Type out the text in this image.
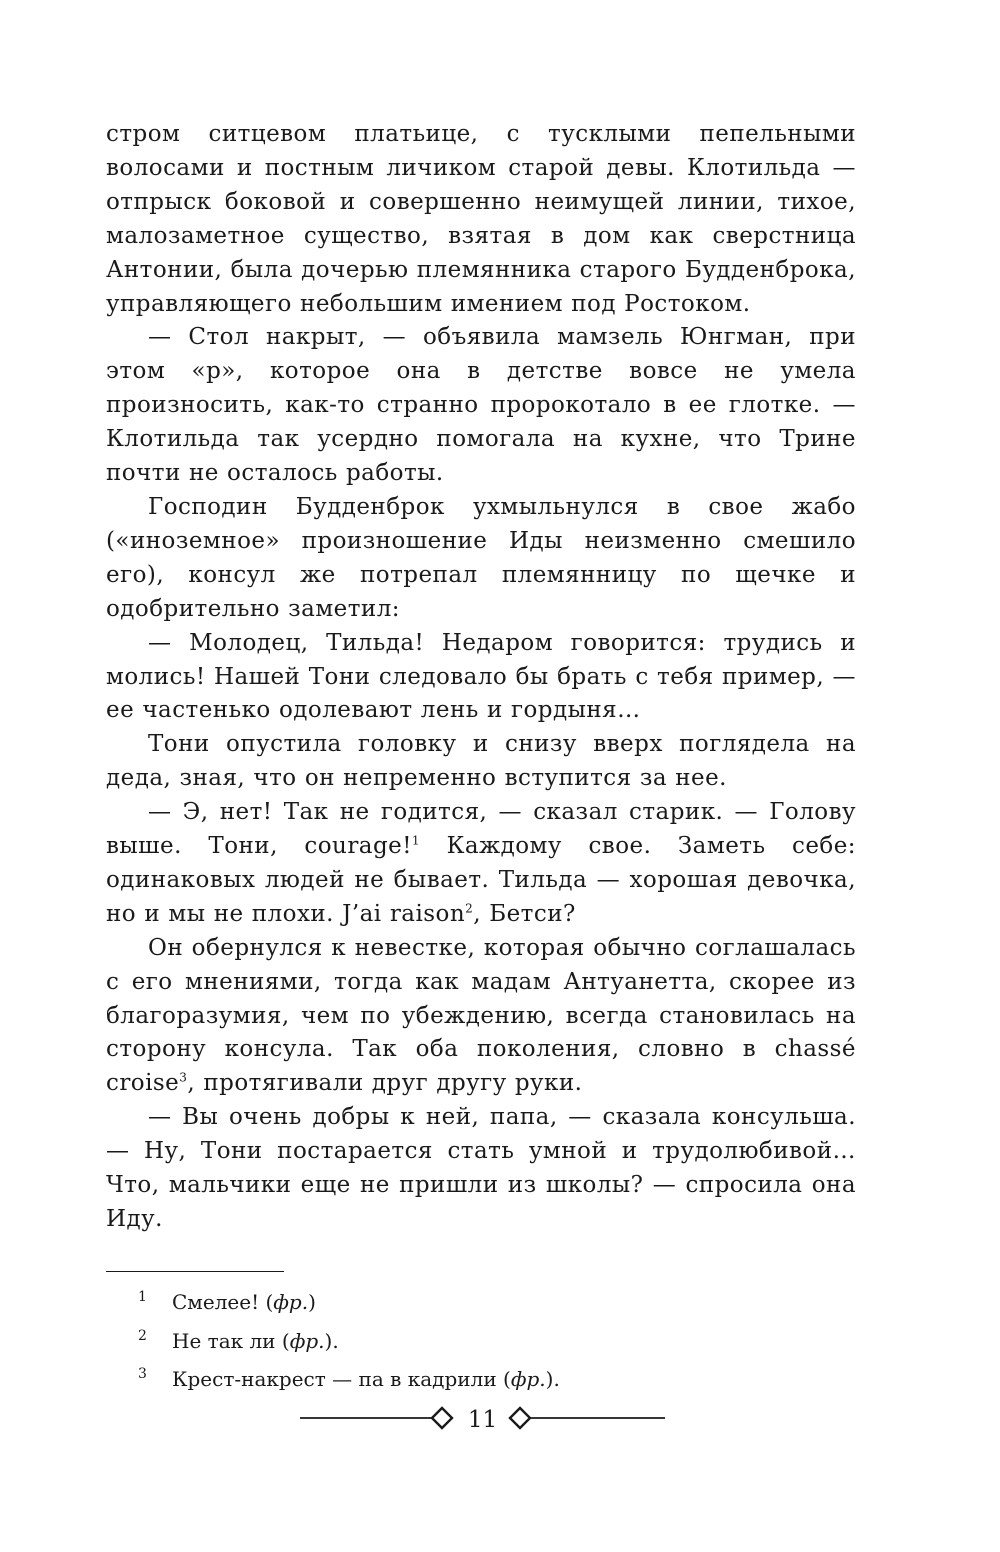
стром ситцевом платьице, с тусклыми пепельными волосами и постным личиком старой девы. Клотильда — отпрыск боковой и совершенно неимущей линии, тихое, малозаметное существо, взятая в дом как сверстница Антонии, была дочерью племянника старого Будденброка, управляющего небольшим имением под Ростоком.

— Стол накрыт, — объявила мамзель Юнгман, при этом «р», которое она в детстве вовсе не умела произносить, как-то странно пророкотало в ее глотке. — Клотильда так усердно помогала на кухне, что Трине почти не осталось работы.

Господин Будденброк ухмыльнулся в свое жабо («иноземное» произношение Иды неизменно смешило его), консул же потрепал племянницу по щечке и одобрительно заметил:

— Молодец, Тильда! Недаром говорится: трудись и молись! Нашей Тони следовало бы брать с тебя пример, — ее частенько одолевают лень и гордыня…

Тони опустила головку и снизу вверх поглядела на деда, зная, что он непременно вступится за нее.

— Э, нет! Так не годится, — сказал старик. — Голову выше. Тони, courage!$^1$ Каждому свое. Заметь себе: одинаковых людей не бывает. Тильда — хорошая девочка, но и мы не плохи. J’ai raison$^2$, Бетси?

Он обернулся к невестке, которая обычно соглашалась с его мнениями, тогда как мадам Антуанетта, скорее из благоразумия, чем по убеждению, всегда становилась на сторону консула. Так оба поколения, словно в chassé croise$^3$, протягивали друг другу руки.

— Вы очень добры к ней, папа, — сказала консульша. — Ну, Тони постарается стать умной и трудолюбивой… Что, мальчики еще не пришли из школы? — спросила она Иду.

1	Смелее! (фр.)
2	Не так ли (фр.).
3	Крест-накрест — па в кадрили (фр.).
11
